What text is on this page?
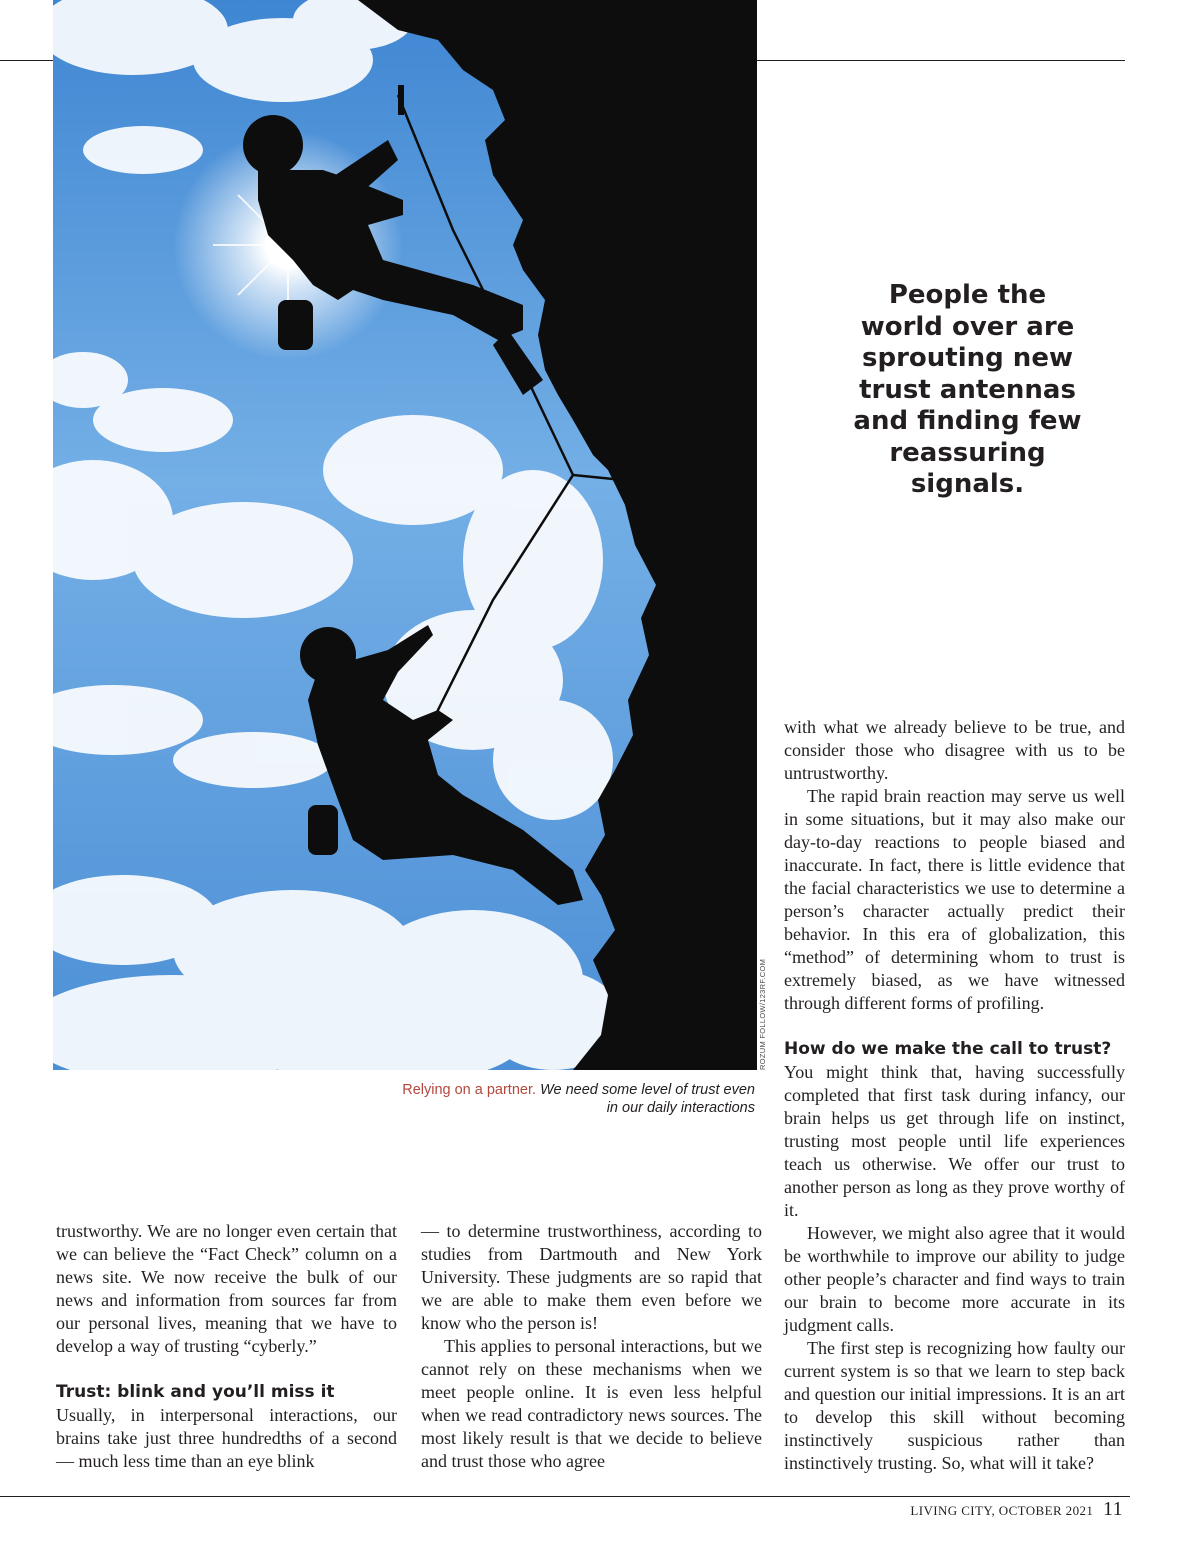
ROZUM FOLLOW/123RF.COM
Relying on a partner. We need some level of trust even in our daily interactions
People the world over are sprouting new trust antennas and finding few reassuring signals.

trustworthy. We are no longer even certain that we can believe the “Fact Check” column on a news site. We now receive the bulk of our news and information from sources far from our personal lives, meaning that we have to develop a way of trusting “cyberly.”

Trust: blink and you’ll miss it

Usually, in interpersonal interactions, our brains take just three hundredths of a second — much less time than an eye blink

— to determine trustworthiness, according to studies from Dartmouth and New York University. These judgments are so rapid that we are able to make them even before we know who the person is!

This applies to personal interactions, but we cannot rely on these mechanisms when we meet people online. It is even less helpful when we read contradictory news sources. The most likely result is that we decide to believe and trust those who agree

with what we already believe to be true, and consider those who disagree with us to be untrustworthy.

The rapid brain reaction may serve us well in some situations, but it may also make our day-to-day reactions to people biased and inaccurate. In fact, there is little evidence that the facial characteristics we use to determine a person’s character actually predict their behavior. In this era of globalization, this “method” of determining whom to trust is extremely biased, as we have witnessed through different forms of profiling.

How do we make the call to trust?

You might think that, having successfully completed that first task during infancy, our brain helps us get through life on instinct, trusting most people until life experiences teach us otherwise. We offer our trust to another person as long as they prove worthy of it.

However, we might also agree that it would be worthwhile to improve our ability to judge other people’s character and find ways to train our brain to become more accurate in its judgment calls.

The first step is recognizing how faulty our current system is so that we learn to step back and question our initial impressions. It is an art to develop this skill without becoming instinctively suspicious rather than instinctively trusting. So, what will it take?

LIVING CITY, OCTOBER 2021 11
